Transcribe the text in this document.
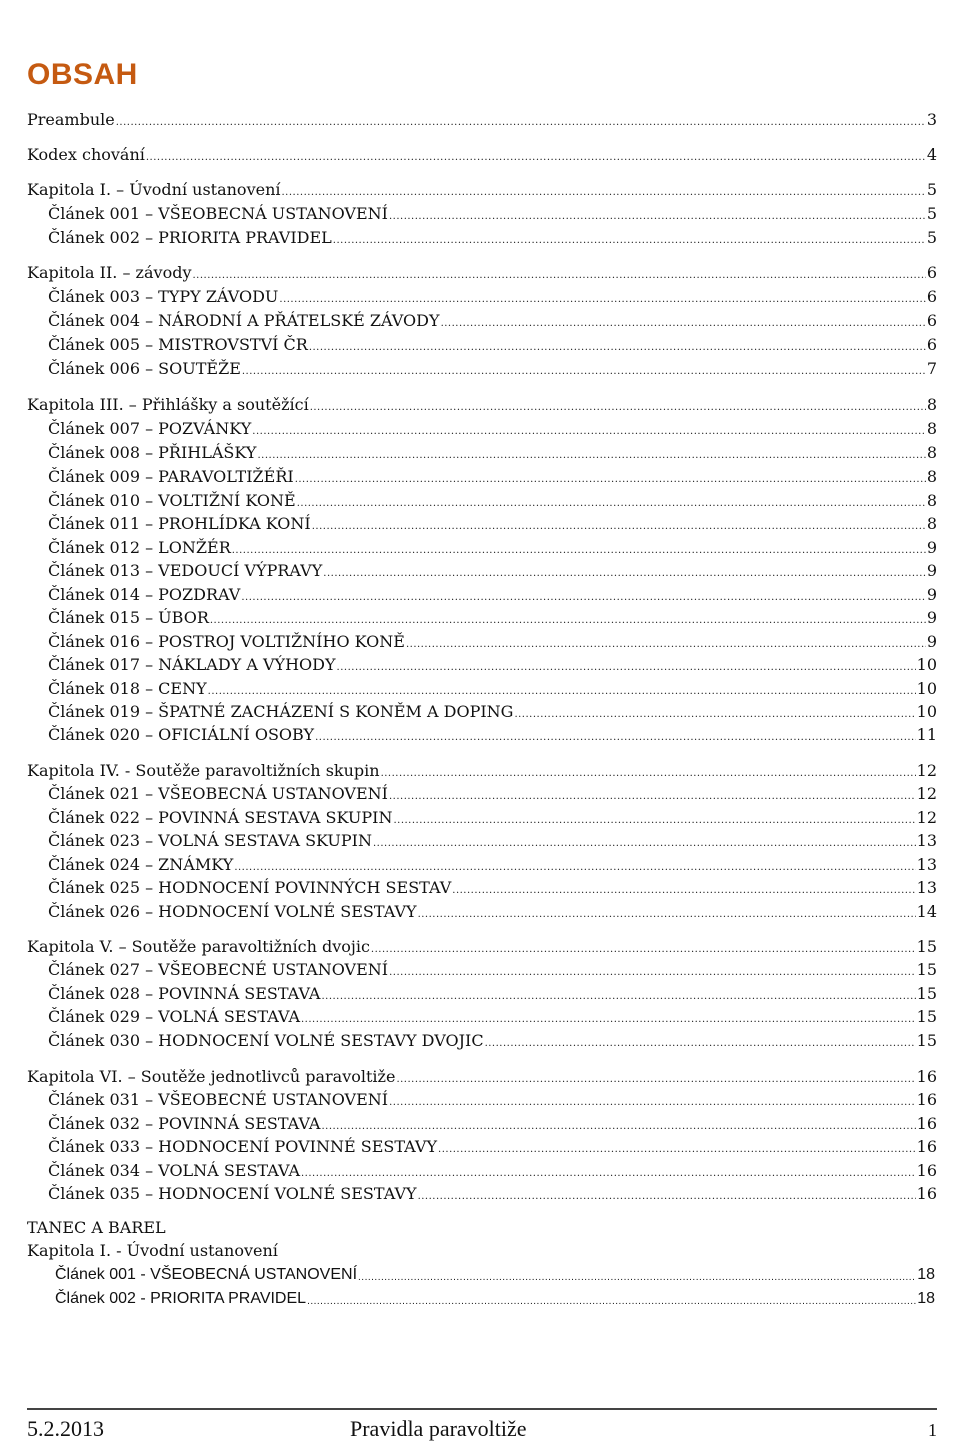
OBSAH
Preambule .....	3
Kodex chování .....	4
Kapitola I. – Úvodní ustanovení .....	5
Článek 001 – VŠEOBECNÁ USTANOVENÍ .....	5
Článek 002 – PRIORITA PRAVIDEL .....	5
Kapitola II. – závody .....	6
Článek 003 – TYPY ZÁVODU .....	6
Článek 004 – NÁRODNÍ A PŘÁTELSKÉ ZÁVODY .....	6
Článek 005 – MISTROVSTVÍ ČR .....	6
Článek 006 – SOUTĚŽE .....	7
Kapitola III. – Přihlášky a soutěžící .....	8
Článek 007 – POZVÁNKY .....	8
Článek 008 – PŘIHLÁŠKY .....	8
Článek 009 – PARAVOLTIŽÉŘI .....	8
Článek 010 – VOLTIŽNÍ KONĚ .....	8
Článek 011 – PROHLÍDKA KONÍ .....	8
Článek 012 – LONŽÉR .....	9
Článek 013 – VEDOUCÍ VÝPRAVY .....	9
Článek 014 – POZDRAV .....	9
Článek 015 – ÚBOR .....	9
Článek 016 – POSTROJ VOLTIŽNÍHO KONĚ .....	9
Článek 017 – NÁKLADY A VÝHODY .....	10
Článek 018 – CENY .....	10
Článek 019 – ŠPATNÉ ZACHÁZENÍ S KONĚM A DOPING .....	10
Článek 020 – OFICIÁLNÍ OSOBY .....	11
Kapitola IV. - Soutěže paravoltižních skupin .....	12
Článek 021 – VŠEOBECNÁ USTANOVENÍ .....	12
Článek 022 – POVINNÁ SESTAVA SKUPIN .....	12
Článek 023 – VOLNÁ SESTAVA SKUPIN .....	13
Článek 024 – ZNÁMKY .....	13
Článek 025 – HODNOCENÍ POVINNÝCH SESTAV .....	13
Článek 026 – HODNOCENÍ VOLNÉ SESTAVY .....	14
Kapitola V. – Soutěže paravoltižních dvojic .....	15
Článek 027 – VŠEOBECNÉ USTANOVENÍ .....	15
Článek 028 – POVINNÁ SESTAVA .....	15
Článek 029 – VOLNÁ SESTAVA .....	15
Článek 030 – HODNOCENÍ VOLNÉ SESTAVY DVOJIC .....	15
Kapitola VI. – Soutěže jednotlivců paravoltiže .....	16
Článek 031 – VŠEOBECNÉ USTANOVENÍ .....	16
Článek 032 – POVINNÁ SESTAVA .....	16
Článek 033 – HODNOCENÍ POVINNÉ SESTAVY .....	16
Článek 034 – VOLNÁ SESTAVA .....	16
Článek 035 – HODNOCENÍ VOLNÉ SESTAVY .....	16
TANEC A BAREL
Kapitola I. - Úvodní ustanovení
Článek 001 - VŠEOBECNÁ USTANOVENÍ .....	18
Článek 002 - PRIORITA PRAVIDEL .....	18
5.2.2013	Pravidla paravoltiže	1
